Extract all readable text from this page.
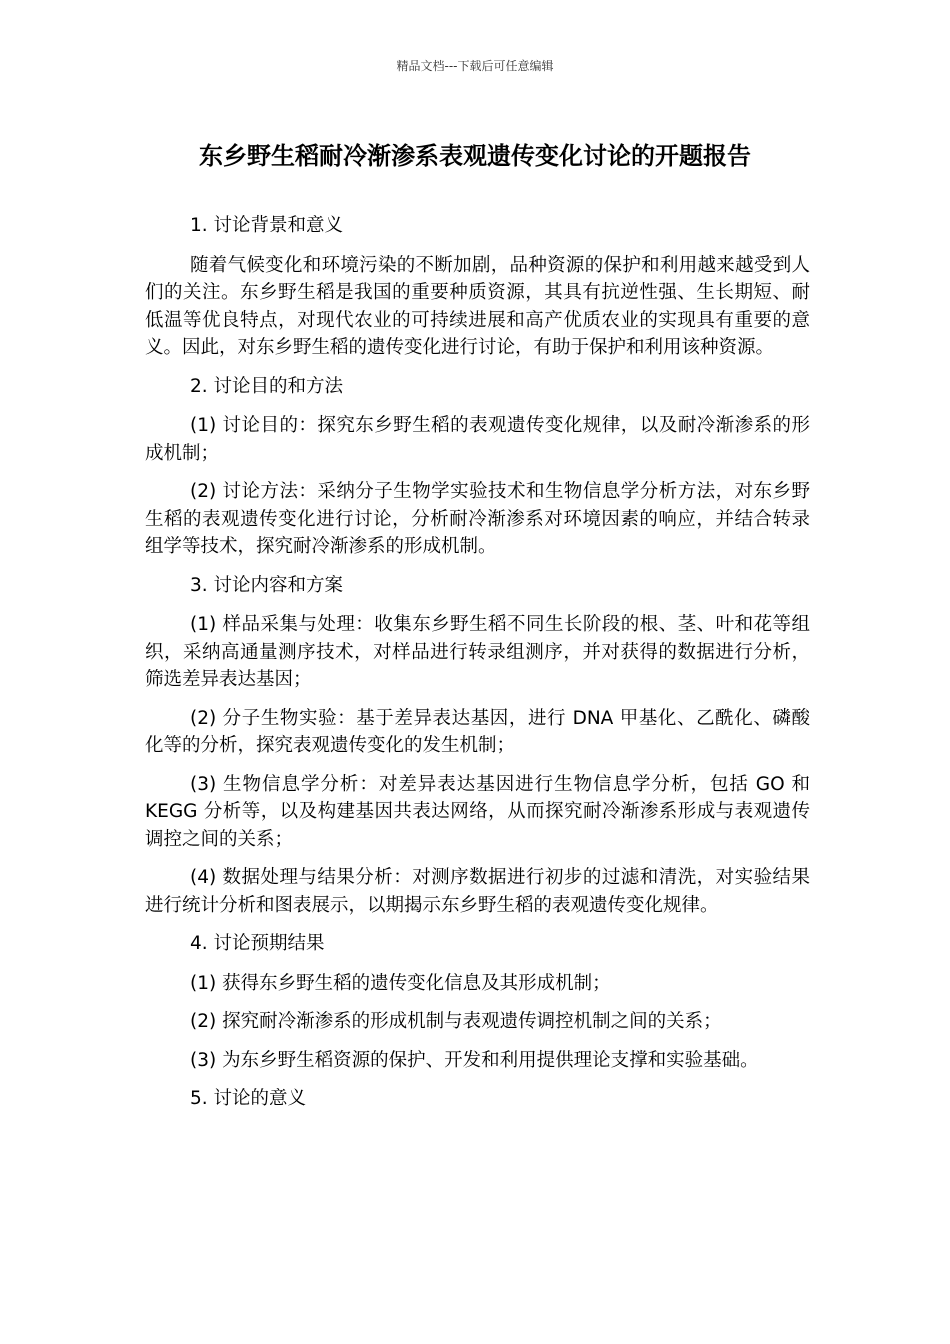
精品文档---下载后可任意编辑
东乡野生稻耐冷渐渗系表观遗传变化讨论的开题报告

1. 讨论背景和意义

随着气候变化和环境污染的不断加剧，品种资源的保护和利用越来越受到人们的关注。东乡野生稻是我国的重要种质资源，其具有抗逆性强、生长期短、耐低温等优良特点，对现代农业的可持续进展和高产优质农业的实现具有重要的意义。因此，对东乡野生稻的遗传变化进行讨论，有助于保护和利用该种资源。

2. 讨论目的和方法

(1) 讨论目的：探究东乡野生稻的表观遗传变化规律，以及耐冷渐渗系的形成机制；

(2) 讨论方法：采纳分子生物学实验技术和生物信息学分析方法，对东乡野生稻的表观遗传变化进行讨论，分析耐冷渐渗系对环境因素的响应，并结合转录组学等技术，探究耐冷渐渗系的形成机制。

3. 讨论内容和方案

(1) 样品采集与处理：收集东乡野生稻不同生长阶段的根、茎、叶和花等组织，采纳高通量测序技术，对样品进行转录组测序，并对获得的数据进行分析，筛选差异表达基因；

(2) 分子生物实验：基于差异表达基因，进行 DNA 甲基化、乙酰化、磷酸化等的分析，探究表观遗传变化的发生机制；

(3) 生物信息学分析：对差异表达基因进行生物信息学分析，包括 GO 和 KEGG 分析等，以及构建基因共表达网络，从而探究耐冷渐渗系形成与表观遗传调控之间的关系；

(4) 数据处理与结果分析：对测序数据进行初步的过滤和清洗，对实验结果进行统计分析和图表展示，以期揭示东乡野生稻的表观遗传变化规律。

4. 讨论预期结果

(1) 获得东乡野生稻的遗传变化信息及其形成机制；

(2) 探究耐冷渐渗系的形成机制与表观遗传调控机制之间的关系；

(3) 为东乡野生稻资源的保护、开发和利用提供理论支撑和实验基础。

5. 讨论的意义
